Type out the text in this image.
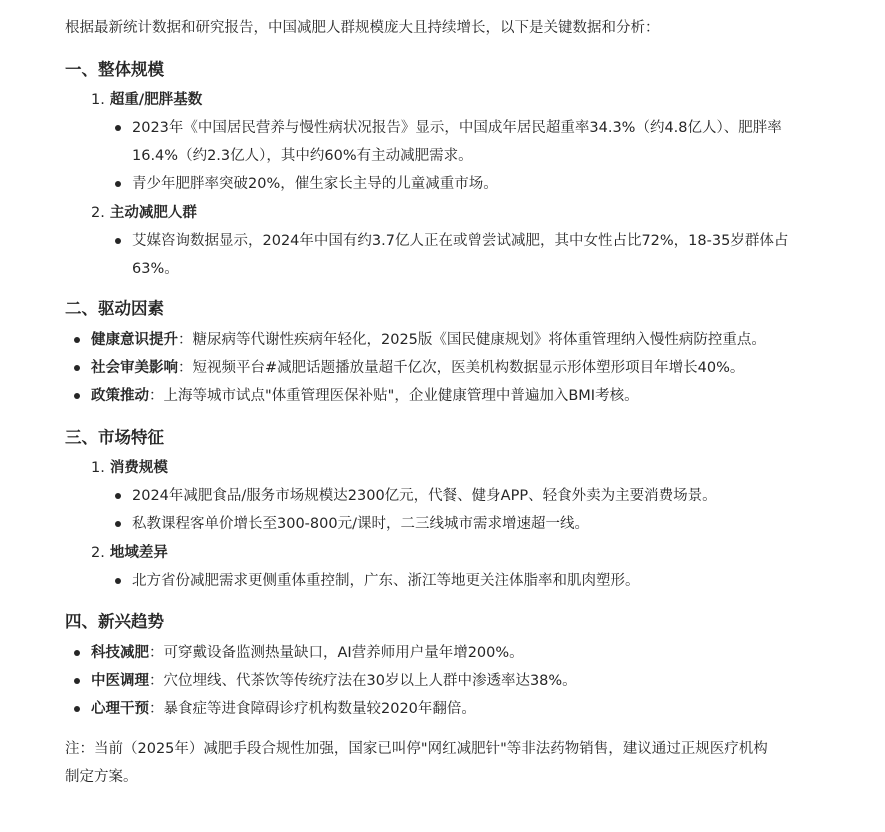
根据最新统计数据和研究报告，中国减肥人群规模庞大且持续增长，以下是关键数据和分析：
一、整体规模
1. 超重/肥胖基数
2023年《中国居民营养与慢性病状况报告》显示，中国成年居民超重率34.3%（约4.8亿人）、肥胖率
16.4%（约2.3亿人），其中约60%有主动减肥需求。
青少年肥胖率突破20%，催生家长主导的儿童减重市场。
2. 主动减肥人群
艾媒咨询数据显示，2024年中国有约3.7亿人正在或曾尝试减肥，其中女性占比72%，18-35岁群体占
63%。
二、驱动因素
健康意识提升：糖尿病等代谢性疾病年轻化，2025版《国民健康规划》将体重管理纳入慢性病防控重点。
社会审美影响：短视频平台#减肥话题播放量超千亿次，医美机构数据显示形体塑形项目年增长40%。
政策推动：上海等城市试点"体重管理医保补贴"，企业健康管理中普遍加入BMI考核。
三、市场特征
1. 消费规模
2024年减肥食品/服务市场规模达2300亿元，代餐、健身APP、轻食外卖为主要消费场景。
私教课程客单价增长至300-800元/课时，二三线城市需求增速超一线。
2. 地域差异
北方省份减肥需求更侧重体重控制，广东、浙江等地更关注体脂率和肌肉塑形。
四、新兴趋势
科技减肥：可穿戴设备监测热量缺口，AI营养师用户量年增200%。
中医调理：穴位埋线、代茶饮等传统疗法在30岁以上人群中渗透率达38%。
心理干预：暴食症等进食障碍诊疗机构数量较2020年翻倍。
注：当前（2025年）减肥手段合规性加强，国家已叫停"网红减肥针"等非法药物销售，建议通过正规医疗机构
制定方案。
